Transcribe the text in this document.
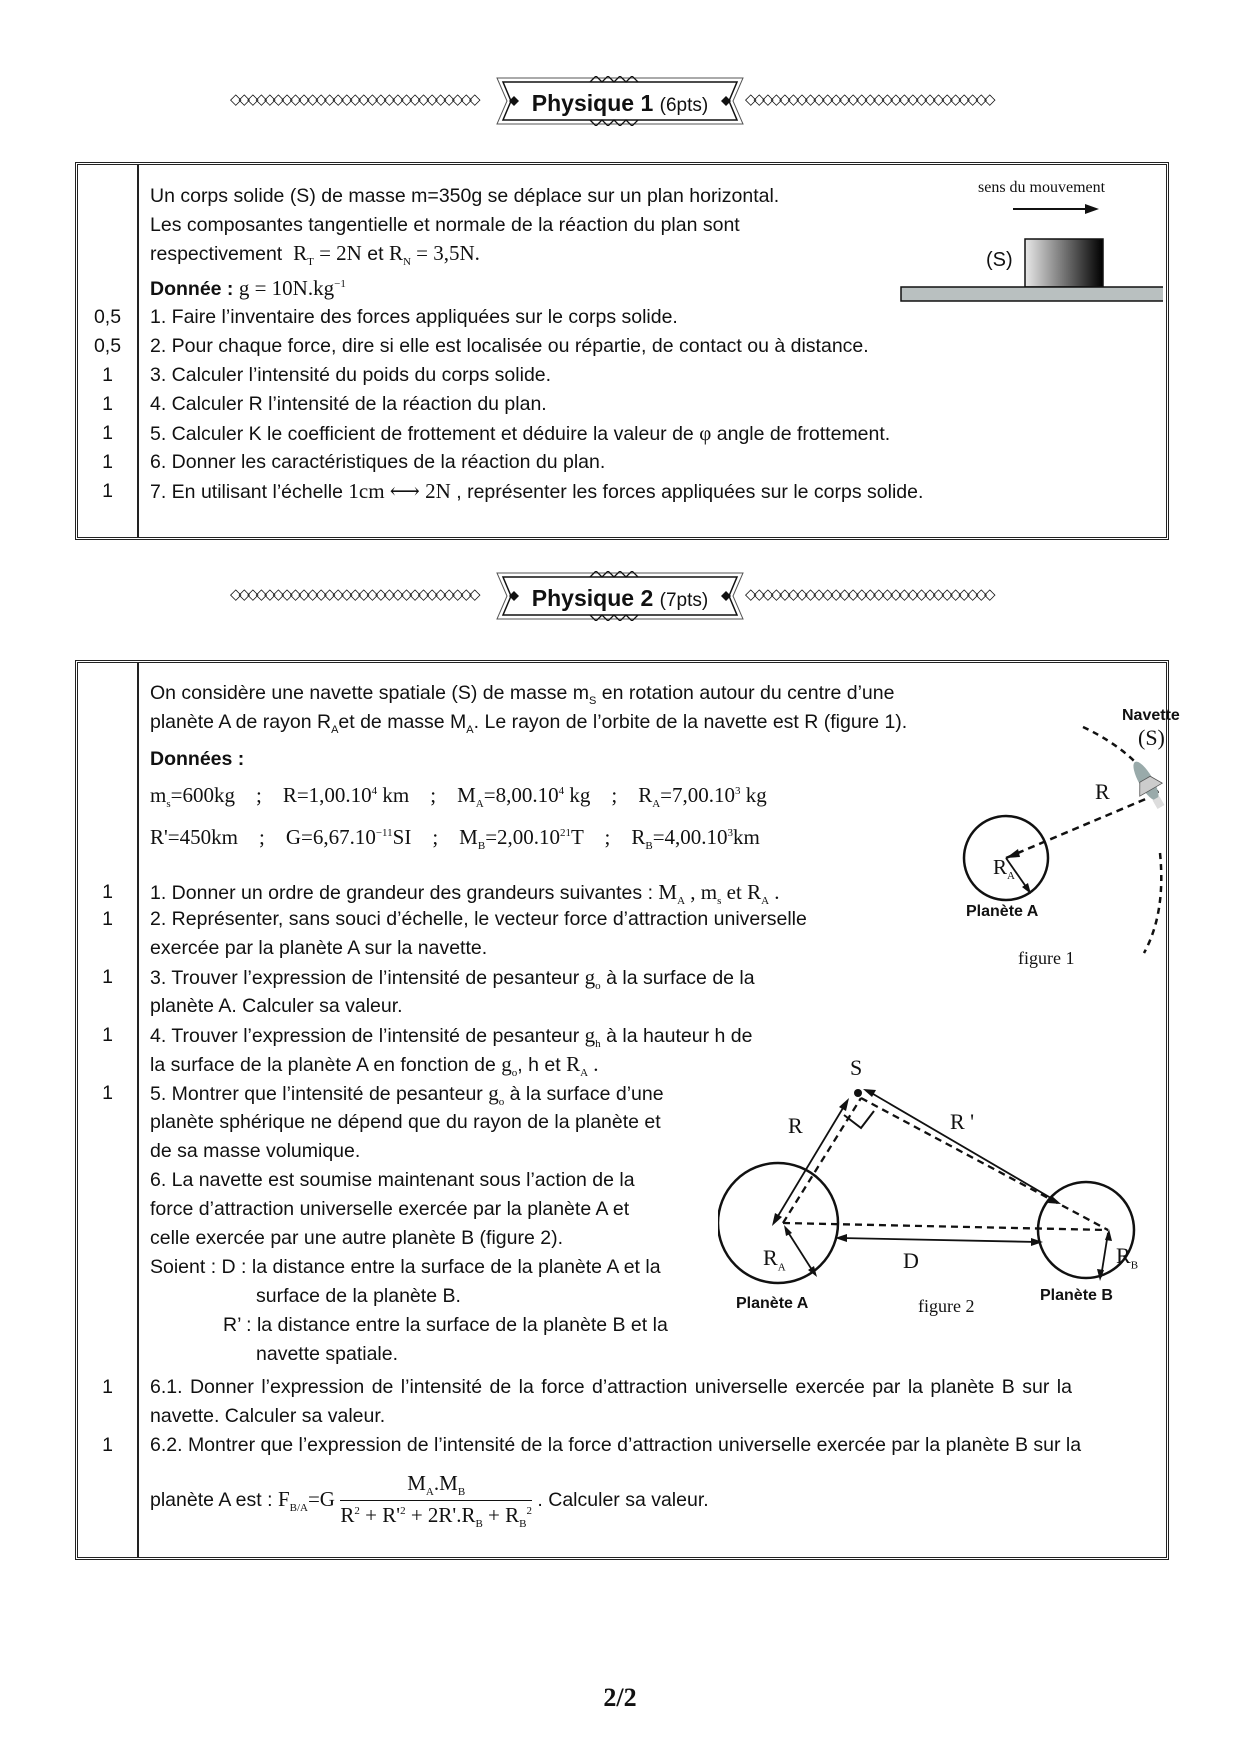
◇◇◇◇◇◇◇◇◇◇◇◇◇◇◇◇◇◇◇◇◇◇◇◇◇◇◇◇◇	Physique 1 (6pts)	◇◇◇◇◇◇◇◇◇◇◇◇◇◇◇◇◇◇◇◇◇◇◇◇◇◇◇◇◇
Un corps solide (S) de masse m=350g se déplace sur un plan horizontal.
Les composantes tangentielle et normale de la réaction du plan sont
respectivement $R_T = 2N$ et $R_N = 3,5N$.
Donnée : $g = 10N.kg^{-1}$
sens du mouvement
(S)
0,5	1. Faire l’inventaire des forces appliquées sur le corps solide.
0,5	2. Pour chaque force, dire si elle est localisée ou répartie, de contact ou à distance.
1	3. Calculer l’intensité du poids du corps solide.
1	4. Calculer R l’intensité de la réaction du plan.
1	5. Calculer K le coefficient de frottement et déduire la valeur de φ angle de frottement.
1	6. Donner les caractéristiques de la réaction du plan.
1	7. En utilisant l’échelle 1cm ⟷ 2N , représenter les forces appliquées sur le corps solide.
◇◇◇◇◇◇◇◇◇◇◇◇◇◇◇◇◇◇◇◇◇◇◇◇◇◇◇◇◇	Physique 2 (7pts)	◇◇◇◇◇◇◇◇◇◇◇◇◇◇◇◇◇◇◇◇◇◇◇◇◇◇◇◇◇
On considère une navette spatiale (S) de masse $m_S$ en rotation autour du centre d’une
planète A de rayon $R_Aet$ de masse $M_A$. Le rayon de l’orbite de la navette est R (figure 1).
Données :
$m_s=600kg$ ; $R=1,00.10^4$ km ; $M_A=8,00.10^4$ kg ; $R_A=7,00.10^3$ kg
R'=450km ; $G=6,67.10^{-11}SI$ ; $M_B=2,00.10^{21}T$ ; $R_B=4,00.10^3km$
Navette
(S)
R
$R_A$
Planète A
figure 1
1	1. Donner un ordre de grandeur des grandeurs suivantes : $M_A$ , $m_s$ et $R_A$ .
1	2. Représenter, sans souci d’échelle, le vecteur force d’attraction universelle
exercée par la planète A sur la navette.
1	3. Trouver l’expression de l’intensité de pesanteur $g_o$ à la surface de la
planète A. Calculer sa valeur.
1	4. Trouver l’expression de l’intensité de pesanteur $g_h$ à la hauteur h de
la surface de la planète A en fonction de $g_o$, h et $R_A$ .
1	5. Montrer que l’intensité de pesanteur $g_o$ à la surface d’une
planète sphérique ne dépend que du rayon de la planète et
de sa masse volumique.
6. La navette est soumise maintenant sous l’action de la
force d’attraction universelle exercée par la planète A et
celle exercée par une autre planète B (figure 2).
Soient : D : la distance entre la surface de la planète A et la
surface de la planète B.
R’ : la distance entre la surface de la planète B et la
navette spatiale.
S
R	R '
D
$R_A$	$R_B$
Planète A	figure 2
Planète B
1	6.1. Donner l’expression de l’intensité de la force d’attraction universelle exercée par la planète B sur la
navette. Calculer sa valeur.
1	6.2. Montrer que l’expression de l’intensité de la force d’attraction universelle exercée par la planète B sur la
planète A est : $F_{B/A}=G \frac{M_A.M_B}{R^2 + R'^2 + 2R'.R_B + R_B^2}$ . Calculer sa valeur.
2/2
